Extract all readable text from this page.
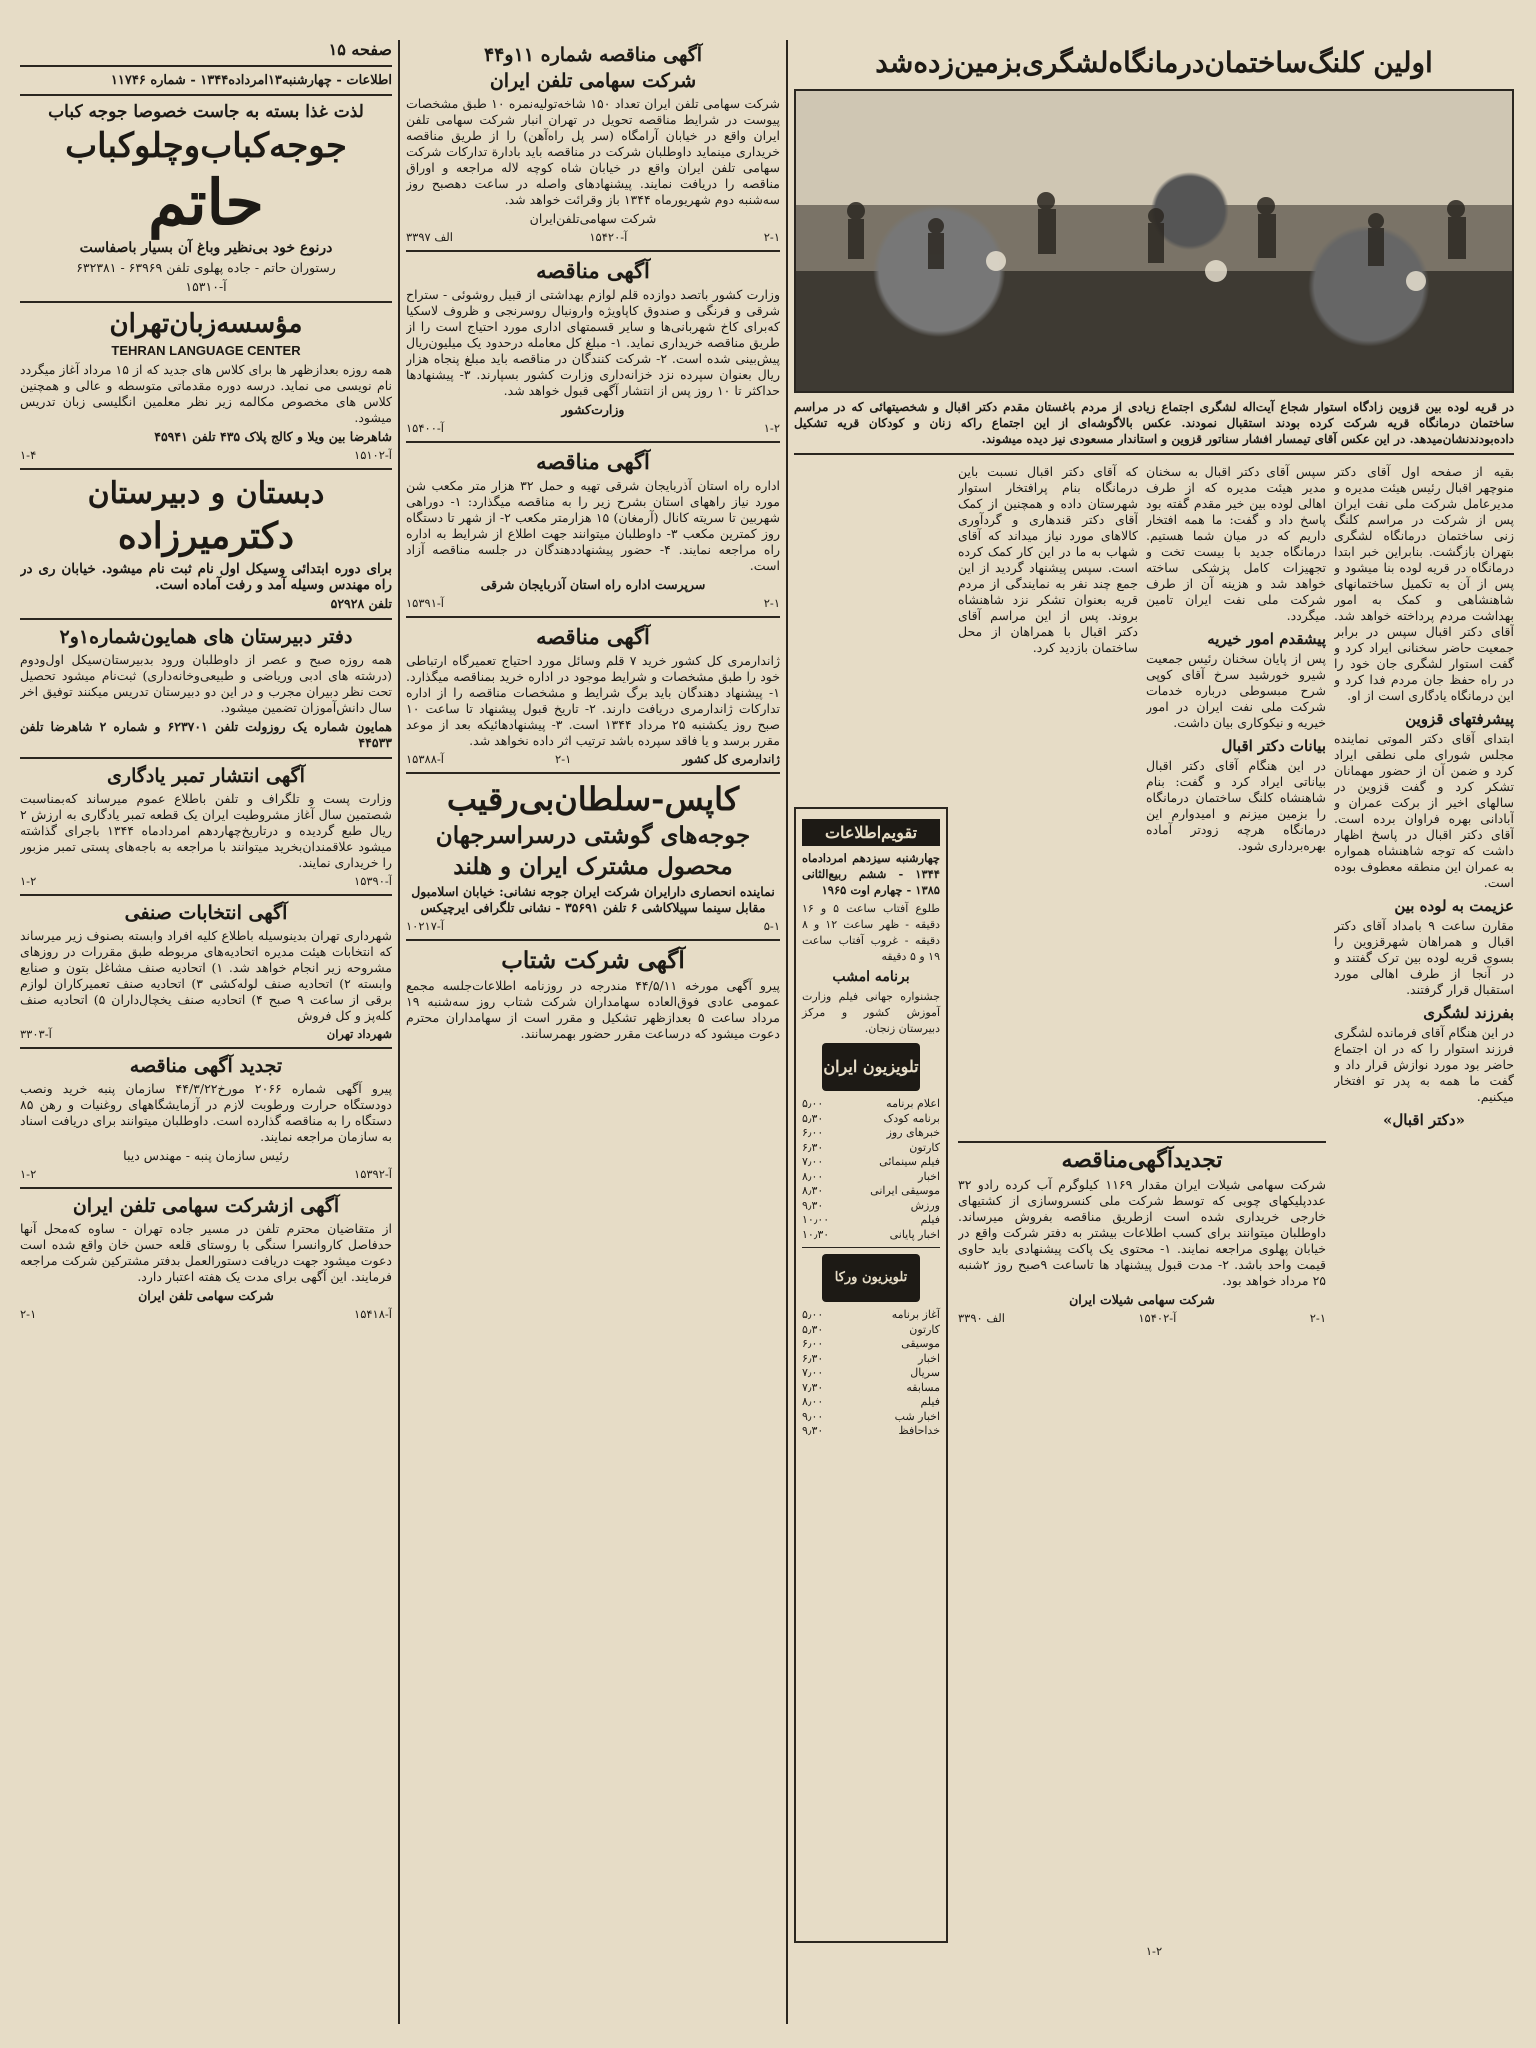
صفحه ۱۵
اطلاعات - چهارشنبه۱۳امرداده۱۳۴۴ - شماره ۱۱۷۴۶
لذت غذا بسته به جاست خصوصا جوجه کباب
جوجه‌کباب‌وچلوکباب
حاتم
درنوع خود بی‌نظیر وباغ آن بسیار باصفاست

رستوران حاتم - جاده پهلوی تلفن ۶۳۹۶۹ - ۶۳۲۳۸۱

آ-۱۵۳۱۰

مؤسسه‌زبان‌تهران
TEHRAN LANGUAGE CENTER

همه روزه بعدازظهر ها برای کلاس های جدید که از ۱۵ مرداد آغاز میگردد نام نویسی می نماید. درسه دوره مقدماتی متوسطه و عالی و همچنین کلاس های مخصوص مکالمه زیر نظر معلمین انگلیسی زبان تدریس میشود.

شاهرضا بین ویلا و کالج پلاک ۴۳۵ تلفن ۴۵۹۴۱

آ-۱۵۱۰۲
۱-۴
دبستان و دبیرستان
دکترمیرزاده

برای دوره ابتدائی وسیکل اول نام ثبت نام میشود. خیابان ری در راه مهندس وسیله آمد و رفت آماده است.

تلفن ۵۲۹۲۸

دفتر دبیرستان های همایون‌شماره۱و۲

همه روزه صبح و عصر از داوطلبان ورود بدبیرستان‌سیکل اول‌ودوم (درشته های ادبی وریاضی و طبیعی‌وخانه‌داری) ثبت‌نام میشود تحصیل تحت نظر دبیران مجرب و در این دو دبیرستان تدریس میکنند توفیق اخر سال دانش‌آموزان تضمین میشود.

همایون شماره یک روزولت تلفن ۶۲۳۷۰۱ و شماره ۲ شاهرضا تلفن ۴۴۵۳۳

آگهی انتشار تمبر یادگاری

وزارت پست و تلگراف و تلفن باطلاع عموم میرساند که‌بمناسبت شصتمین سال آغاز مشروطیت ایران یک قطعه تمبر یادگاری به ارزش ۲ ریال طبع گردیده و درتاریخ‌چهاردهم امردادماه ۱۳۴۴ باجرای گذاشته میشود علاقمندان‌بخرید میتوانند با مراجعه به باجه‌های پستی تمبر مزبور را خریداری نمایند.

آ-۱۵۳۹۰
۱-۲
آگهی انتخابات صنفی

شهرداری تهران بدینوسیله باطلاع کلیه افراد وابسته بصنوف زیر میرساند که انتخابات هیئت مدیره اتحادیه‌های مربوطه طبق مقررات در روزهای مشروحه زیر انجام خواهد شد. ۱) اتحادیه صنف مشاغل بتون و صنایع وابسته ۲) اتحادیه صنف لوله‌کشی ۳) اتحادیه صنف تعمیرکاران لوازم برقی از ساعت ۹ صبح ۴) اتحادیه صنف یخچال‌داران ۵) اتحادیه صنف کله‌پز و کل فروش

شهرداد تهران
آ-۳۳۰۳
تجدید آگهی مناقصه

پیرو آگهی شماره ۲۰۶۶ مورخ۴۴/۳/۲۲ سازمان پنبه خرید ونصب دودستگاه حرارت ورطوبت لازم در آزمایشگاههای روغنیات و رهن ۸۵ دستگاه را به مناقصه گذارده است. داوطلبان میتوانند برای دریافت اسناد به سازمان مراجعه نمایند.

رئیس سازمان پنبه - مهندس دیبا

آ-۱۵۳۹۲
۱-۲
آگهی ازشرکت سهامی تلفن ایران

از متقاضیان محترم تلفن در مسیر جاده تهران - ساوه که‌محل آنها حدفاصل کاروانسرا سنگی با روستای قلعه حسن خان واقع شده است دعوت میشود جهت دریافت دستورالعمل بدفتر مشترکین شرکت مراجعه فرمایند. این آگهی برای مدت یک هفته اعتبار دارد.

شرکت سهامی تلفن ایران

آ-۱۵۴۱۸
۲-۱
آگهی مناقصه شماره ۱۱و۴۴
شرکت سهامی تلفن ایران

شرکت سهامی تلفن ایران تعداد ۱۵۰ شاخه‌تولیه‌نمره ۱۰ طبق مشخصات پیوست در شرایط مناقصه تحویل در تهران انبار شرکت سهامی تلفن ایران واقع در خیابان آرامگاه (سر پل راه‌آهن) را از طریق مناقصه خریداری مینماید داوطلبان شرکت در مناقصه باید بادارة تدارکات شرکت سهامی تلفن ایران واقع در خیابان شاه کوچه لاله مراجعه و اوراق مناقصه را دریافت نمایند. پیشنهادهای واصله در ساعت دهصبح روز سه‌شنبه دوم شهریورماه ۱۳۴۴ باز وقرائت خواهد شد.

شرکت سهامی‌تلفن‌ایران

۲-۱
آ-۱۵۴۲۰
الف ۳۳۹۷
آگهی مناقصه

وزارت کشور باتصد دوازده قلم لوازم بهداشتی از قبیل روشوئی - ستراح شرقی و فرنگی و صندوق کاپاویژه وارونیال روسرنجی و ظروف لاسکیا که‌برای کاخ شهربانی‌ها و سایر قسمتهای اداری مورد احتیاج است را از طریق مناقصه خریداری نماید. ۱- مبلغ کل معامله درحدود یک میلیون‌ریال پیش‌بینی شده است. ۲- شرکت کنندگان در مناقصه باید مبلغ پنجاه هزار ریال بعنوان سپرده نزد خزانه‌داری وزارت کشور بسپارند. ۳- پیشنهادها حداکثر تا ۱۰ روز پس از انتشار آگهی قبول خواهد شد.

وزارت‌کشور

۱-۲
آ-۱۵۴۰۰
آگهی مناقصه

اداره راه استان آذربایجان شرقی تهیه و حمل ۳۲ هزار متر مکعب شن مورد نیاز راههای استان بشرح زیر را به مناقصه میگذارد: ۱- دوراهی شهربین تا سریته کانال (آرمغان) ۱۵ هزارمتر مکعب ۲- از شهر تا دستگاه روز کمترین مکعب ۳- داوطلبان میتوانند جهت اطلاع از شرایط به اداره راه مراجعه نمایند. ۴- حضور پیشنهاددهندگان در جلسه مناقصه آزاد است.

سرپرست اداره راه استان آذربایجان شرقی

۲-۱
آ-۱۵۳۹۱
آگهی مناقصه

ژاندارمری کل کشور خرید ۷ قلم وسائل مورد احتیاج تعمیرگاه ارتباطی خود را طبق مشخصات و شرایط موجود در اداره خرید بمناقصه میگذارد. ۱- پیشنهاد دهندگان باید برگ شرایط و مشخصات مناقصه را از اداره تدارکات ژاندارمری دریافت دارند. ۲- تاریخ قبول پیشنهاد تا ساعت ۱۰ صبح روز یکشنبه ۲۵ مرداد ۱۳۴۴ است. ۳- پیشنهادهائیکه بعد از موعد مقرر برسد و یا فاقد سپرده باشد ترتیب اثر داده نخواهد شد.

ژاندارمری کل کشور
۲-۱
آ-۱۵۳۸۸
کاپس-سلطان‌بی‌رقیب
جوجه‌های گوشتی درسراسرجهان
محصول مشترک ایران و هلند

نماینده انحصاری دارایران شرکت ایران جوجه نشانی: خیابان اسلامبول مقابل سینما سپیلاکاشی ۶ تلفن ۳۵۶۹۱ - نشانی تلگرافی ایرچیکس

۵-۱
آ-۱۰۲۱۷
آگهی شرکت شتاب

پیرو آگهی مورخه ۴۴/۵/۱۱ مندرجه در روزنامه اطلاعات‌جلسه مجمع عمومی عادی فوق‌العاده سهامداران شرکت شتاب روز سه‌شنبه ۱۹ مرداد ساعت ۵ بعدازظهر تشکیل و مقرر است از سهامداران محترم دعوت میشود که درساعت مقرر حضور بهمرسانند.

اولین کلنگ‌ساختمان‌درمانگاه‌لشگری‌بزمین‌زده‌شد

در قریه لوده بین قزوین زادگاه استوار شجاع آیت‌اله لشگری اجتماع زیادی از مردم باغستان مقدم دکتر اقبال و شخصیتهائی که در مراسم ساختمان درمانگاه قریه شرکت کرده بودند استقبال نمودند. عکس بالاگوشه‌ای از این اجتماع راکه زنان و کودکان قریه تشکیل داده‌بودند‌نشان‌میدهد. در این عکس آقای تیمسار افشار سناتور قزوین و استاندار مسعودی نیز دیده میشوند.

بقیه از صفحه اول آقای دکتر منوچهر اقبال رئیس هیئت مدیره و مدیرعامل شرکت ملی نفت ایران پس از شرکت در مراسم کلنگ زنی ساختمان درمانگاه لشگری بتهران بازگشت. بنابراین خبر ابتدا درمانگاه در قریه لوده بنا میشود و پس از آن به تکمیل ساختمانهای شاهنشاهی و کمک به امور بهداشت مردم پرداخته خواهد شد. آقای دکتر اقبال سپس در برابر جمعیت حاضر سخنانی ایراد کرد و گفت استوار لشگری جان خود را در راه حفظ جان مردم فدا کرد و این درمانگاه یادگاری است از او.

پیشرفتهای قزوین

ابتدای آقای دکتر الموتی نماینده مجلس شورای ملی نطقی ایراد کرد و ضمن آن از حضور مهمانان تشکر کرد و گفت قزوین در سالهای اخیر از برکت عمران و آبادانی بهره فراوان برده است. آقای دکتر اقبال در پاسخ اظهار داشت که توجه شاهنشاه همواره به عمران این منطقه معطوف بوده است.

عزیمت به لوده بین

مقارن ساعت ۹ بامداد آقای دکتر اقبال و همراهان شهرقزوین را بسوی قریه لوده بین ترک گفتند و در آنجا از طرف اهالی مورد استقبال قرار گرفتند.

بفرزند لشگری

در این هنگام آقای فرمانده لشگری فرزند استوار را که در ان اجتماع حاضر بود مورد نوازش قرار داد و گفت ما همه به پدر تو افتخار میکنیم.

«دکتر اقبال»

سپس آقای دکتر اقبال به سخنان مدیر هیئت مدیره که از طرف اهالی لوده بین خیر مقدم گفته بود پاسخ داد و گفت: ما همه افتخار داریم که در میان شما هستیم. درمانگاه جدید با بیست تخت و تجهیزات کامل پزشکی ساخته خواهد شد و هزینه آن از طرف شرکت ملی نفت ایران تامین میگردد.

پیشقدم امور خیریه

پس از پایان سخنان رئیس جمعیت شیرو خورشید سرخ آقای کوپی شرح مبسوطی درباره خدمات شرکت ملی نفت ایران در امور خیریه و نیکوکاری بیان داشت.

بیانات دکتر اقبال

در این هنگام آقای دکتر اقبال بیاناتی ایراد کرد و گفت: بنام شاهنشاه کلنگ ساختمان درمانگاه را بزمین میزنم و امیدوارم این درمانگاه هرچه زودتر آماده بهره‌برداری شود.

که آقای دکتر اقبال نسبت باین درمانگاه بنام پرافتخار استوار شهرستان داده و همچنین از کمک آقای دکتر قندهاری و گردآوری کالاهای مورد نیاز میداند که آقای شهاب به ما در این کار کمک کرده است. سپس پیشنهاد گردید از این جمع چند نفر به نمایندگی از مردم قریه بعنوان تشکر نزد شاهنشاه بروند. پس از این مراسم آقای دکتر اقبال با همراهان از محل ساختمان بازدید کرد.

تجدیدآگهی‌مناقصه

شرکت سهامی شیلات ایران مقدار ۱۱۶۹ کیلوگرم آب کرده رادو ۳۲ عددپلیکهای چوبی که توسط شرکت ملی کنسروسازی از کشتیهای خارجی خریداری شده است ازطریق مناقصه بفروش میرساند. داوطلبان میتوانند برای کسب اطلاعات بیشتر به دفتر شرکت واقع در خیابان پهلوی مراجعه نمایند. ۱- محتوی یک پاکت پیشنهادی باید حاوی قیمت واحد باشد. ۲- مدت قبول پیشنهاد ها تاساعت ۹صبح روز ۲شنبه ۲۵ مرداد خواهد بود.

شرکت سهامی شیلات ایران

۲-۱
آ-۱۵۴۰۲
الف ۳۳۹۰
تقویم‌اطلاعات

چهارشنبه سیزدهم امردادماه ۱۳۴۴ - ششم ربیع‌الثانی ۱۳۸۵ - چهارم اوت ۱۹۶۵

طلوع آفتاب ساعت ۵ و ۱۶ دقیقه - ظهر ساعت ۱۲ و ۸ دقیقه - غروب آفتاب ساعت ۱۹ و ۵ دقیقه

برنامه امشب

جشنواره جهانی فیلم وزارت آموزش کشور و مرکز دبیرستان زنجان.

تلویزیون ایران
اعلام برنامه
۵٫۰۰
برنامه کودک
۵٫۳۰
خبرهای روز
۶٫۰۰
کارتون
۶٫۳۰
فیلم سینمائی
۷٫۰۰
اخبار
۸٫۰۰
موسیقی ایرانی
۸٫۳۰
ورزش
۹٫۳۰
فیلم
۱۰٫۰۰
اخبار پایانی
۱۰٫۳۰
تلویزیون ورکا
آغاز برنامه
۵٫۰۰
کارتون
۵٫۳۰
موسیقی
۶٫۰۰
اخبار
۶٫۳۰
سریال
۷٫۰۰
مسابقه
۷٫۳۰
فیلم
۸٫۰۰
اخبار شب
۹٫۰۰
خداحافظ
۹٫۳۰
۱-۲
